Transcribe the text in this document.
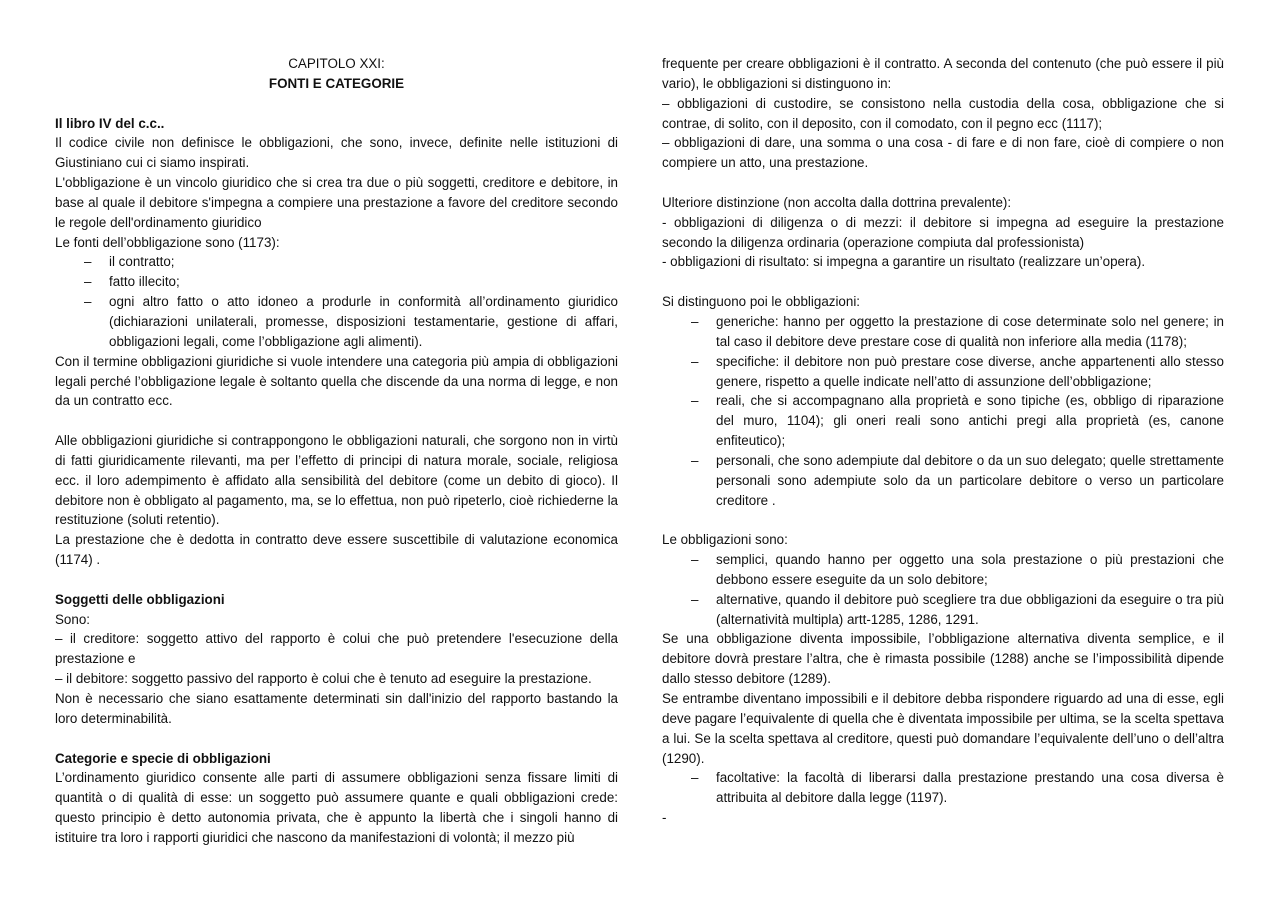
CAPITOLO XXI:

FONTI E CATEGORIE

Il libro IV del c.c..

Il codice civile non definisce le obbligazioni, che sono, invece, definite nelle istituzioni di Giustiniano cui ci siamo inspirati.

L'obbligazione è un vincolo giuridico che si crea tra due o più soggetti, creditore e debitore, in base al quale il debitore s'impegna a compiere una prestazione a favore del creditore secondo le regole dell'ordinamento giuridico

Le fonti dell’obbligazione sono (1173):

– il contratto;
– fatto illecito;
– ogni altro fatto o atto idoneo a produrle in conformità all’ordinamento giuridico (dichiarazioni unilaterali, promesse, disposizioni testamentarie, gestione di affari, obbligazioni legali, come l’obbligazione agli alimenti).

Con il termine obbligazioni giuridiche si vuole intendere una categoria più ampia di obbligazioni legali perché l’obbligazione legale è soltanto quella che discende da una norma di legge, e non da un contratto ecc.

Alle obbligazioni giuridiche si contrappongono le obbligazioni naturali, che sorgono non in virtù di fatti giuridicamente rilevanti, ma per l’effetto di principi di natura morale, sociale, religiosa ecc. il loro adempimento è affidato alla sensibilità del debitore (come un debito di gioco). Il debitore non è obbligato al pagamento, ma, se lo effettua, non può ripeterlo, cioè richiederne la restituzione (soluti retentio).

La prestazione che è dedotta in contratto deve essere suscettibile di valutazione economica (1174) .

Soggetti delle obbligazioni

Sono:

– il creditore: soggetto attivo del rapporto è colui che può pretendere l'esecuzione della prestazione e

– il debitore: soggetto passivo del rapporto è colui che è tenuto ad eseguire la prestazione.

Non è necessario che siano esattamente determinati sin dall'inizio del rapporto bastando la loro determinabilità.

Categorie e specie di obbligazioni

L’ordinamento giuridico consente alle parti di assumere obbligazioni senza fissare limiti di quantità o di qualità di esse: un soggetto può assumere quante e quali obbligazioni crede: questo principio è detto autonomia privata, che è appunto la libertà che i singoli hanno di istituire tra loro i rapporti giuridici che nascono da manifestazioni di volontà; il mezzo più

frequente per creare obbligazioni è il contratto. A seconda del contenuto (che può essere il più vario), le obbligazioni si distinguono in:

– obbligazioni di custodire, se consistono nella custodia della cosa, obbligazione che si contrae, di solito, con il deposito, con il comodato, con il pegno ecc (1117);

– obbligazioni di dare, una somma o una cosa - di fare e di non fare, cioè di compiere o non compiere un atto, una prestazione.

Ulteriore distinzione (non accolta dalla dottrina prevalente):

- obbligazioni di diligenza o di mezzi: il debitore si impegna ad eseguire la prestazione secondo la diligenza ordinaria (operazione compiuta dal professionista)

- obbligazioni di risultato: si impegna a garantire un risultato (realizzare un’opera).

Si distinguono poi le obbligazioni:

– generiche: hanno per oggetto la prestazione di cose determinate solo nel genere; in tal caso il debitore deve prestare cose di qualità non inferiore alla media (1178);
– specifiche: il debitore non può prestare cose diverse, anche appartenenti allo stesso genere, rispetto a quelle indicate nell’atto di assunzione dell’obbligazione;
– reali, che si accompagnano alla proprietà e sono tipiche (es, obbligo di riparazione del muro, 1104); gli oneri reali sono antichi pregi alla proprietà (es, canone enfiteutico);
– personali, che sono adempiute dal debitore o da un suo delegato; quelle strettamente personali sono adempiute solo da un particolare debitore o verso un particolare creditore .

Le obbligazioni sono:

– semplici, quando hanno per oggetto una sola prestazione o più prestazioni che debbono essere eseguite da un solo debitore;
– alternative, quando il debitore può scegliere tra due obbligazioni da eseguire o tra più (alternatività multipla) artt-1285, 1286, 1291.

Se una obbligazione diventa impossibile, l’obbligazione alternativa diventa semplice, e il debitore dovrà prestare l’altra, che è rimasta possibile (1288) anche se l’impossibilità dipende dallo stesso debitore (1289).

Se entrambe diventano impossibili e il debitore debba rispondere riguardo ad una di esse, egli deve pagare l’equivalente di quella che è diventata impossibile per ultima, se la scelta spettava a lui. Se la scelta spettava al creditore, questi può domandare l’equivalente dell’uno o dell’altra (1290).

– facoltative: la facoltà di liberarsi dalla prestazione prestando una cosa diversa è attribuita al debitore dalla legge (1197).

-
